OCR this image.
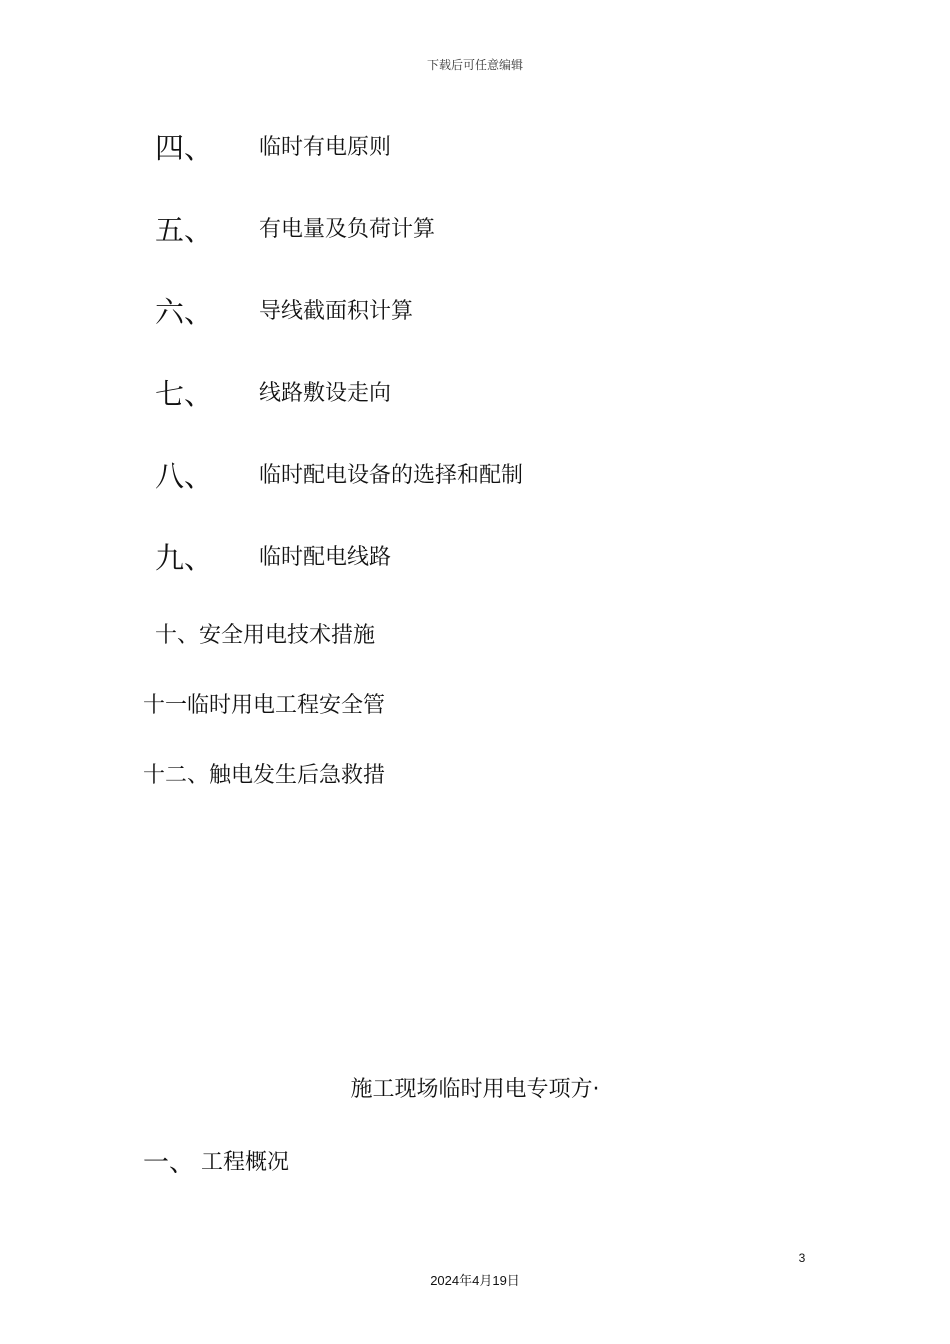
下载后可任意编辑
四、	临时有电原则
五、	有电量及负荷计算
六、	导线截面积计算
七、	线路敷设走向
八、	临时配电设备的选择和配制
九、	临时配电线路
十、安全用电技术措施
十一临时用电工程安全管
十二、触电发生后急救措
施工现场临时用电专项方·
一、 工程概况
3
2024年4月19日
